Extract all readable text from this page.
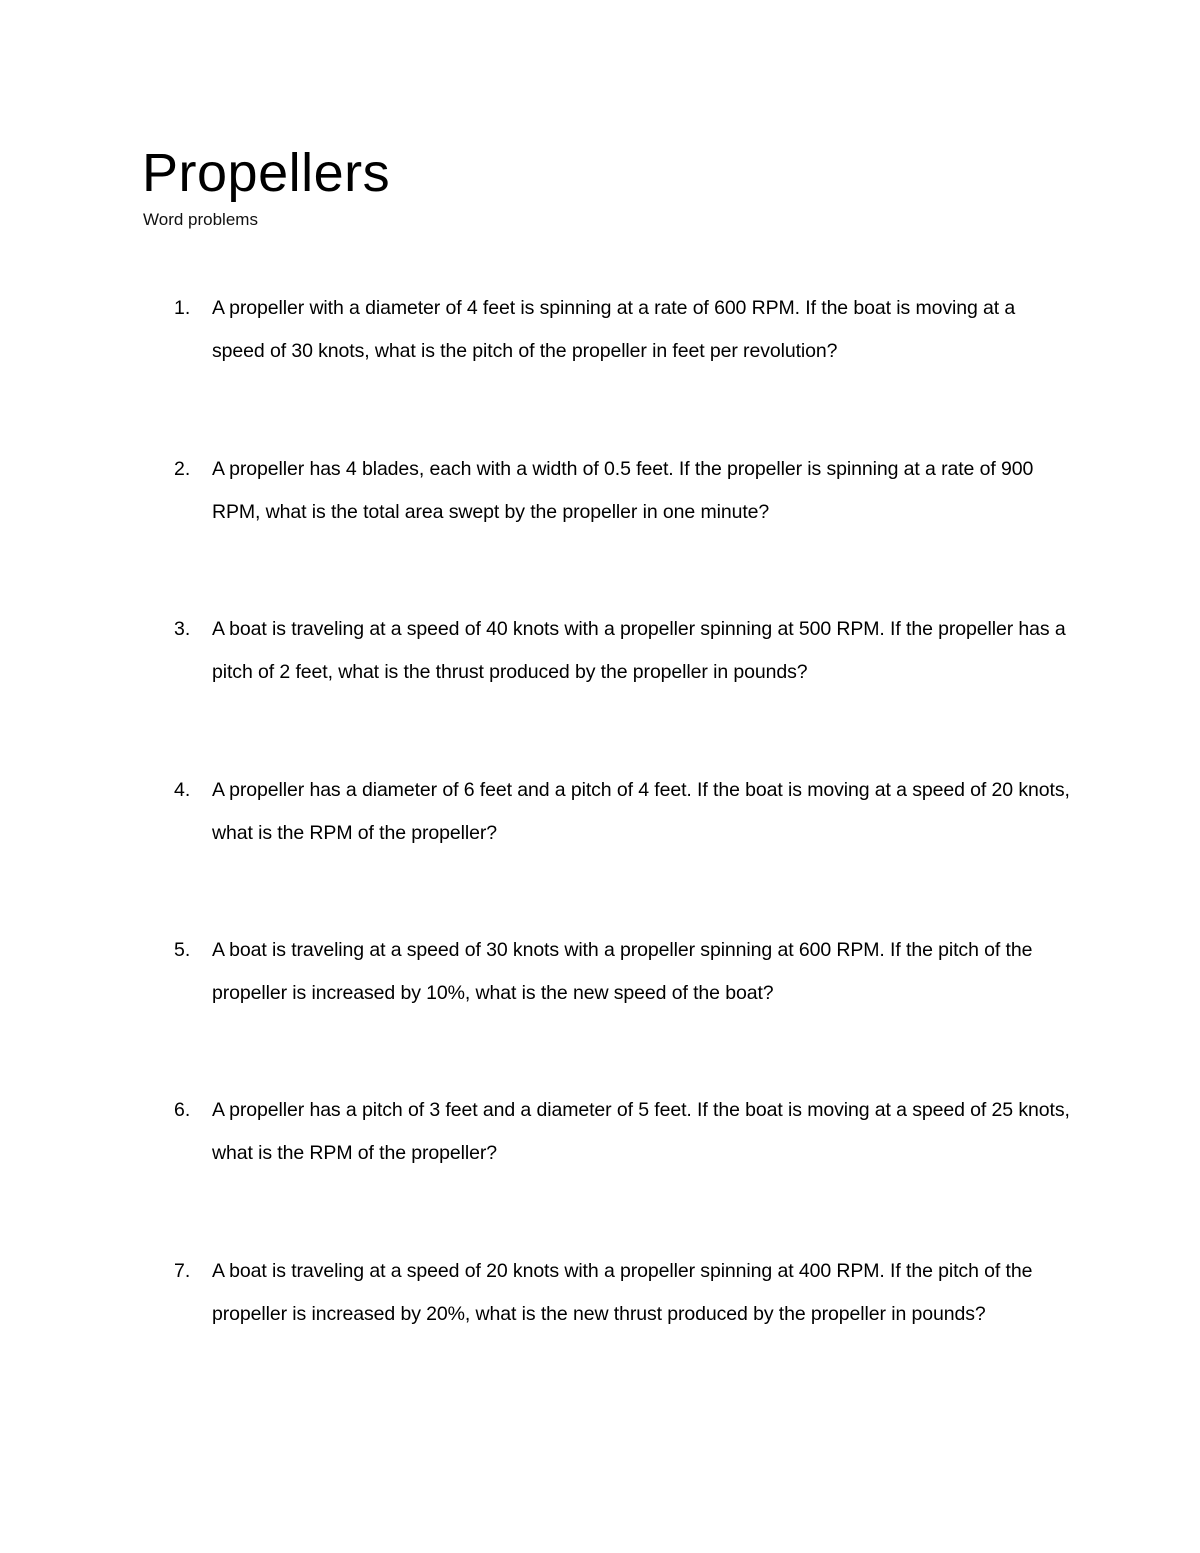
Propellers
Word problems
1.	A propeller with a diameter of 4 feet is spinning at a rate of 600 RPM. If the boat is moving at a speed of 30 knots, what is the pitch of the propeller in feet per revolution?
2.	A propeller has 4 blades, each with a width of 0.5 feet. If the propeller is spinning at a rate of 900 RPM, what is the total area swept by the propeller in one minute?
3.	A boat is traveling at a speed of 40 knots with a propeller spinning at 500 RPM. If the propeller has a pitch of 2 feet, what is the thrust produced by the propeller in pounds?
4.	A propeller has a diameter of 6 feet and a pitch of 4 feet. If the boat is moving at a speed of 20 knots, what is the RPM of the propeller?
5.	A boat is traveling at a speed of 30 knots with a propeller spinning at 600 RPM. If the pitch of the propeller is increased by 10%, what is the new speed of the boat?
6.	A propeller has a pitch of 3 feet and a diameter of 5 feet. If the boat is moving at a speed of 25 knots, what is the RPM of the propeller?
7.	A boat is traveling at a speed of 20 knots with a propeller spinning at 400 RPM. If the pitch of the propeller is increased by 20%, what is the new thrust produced by the propeller in pounds?
